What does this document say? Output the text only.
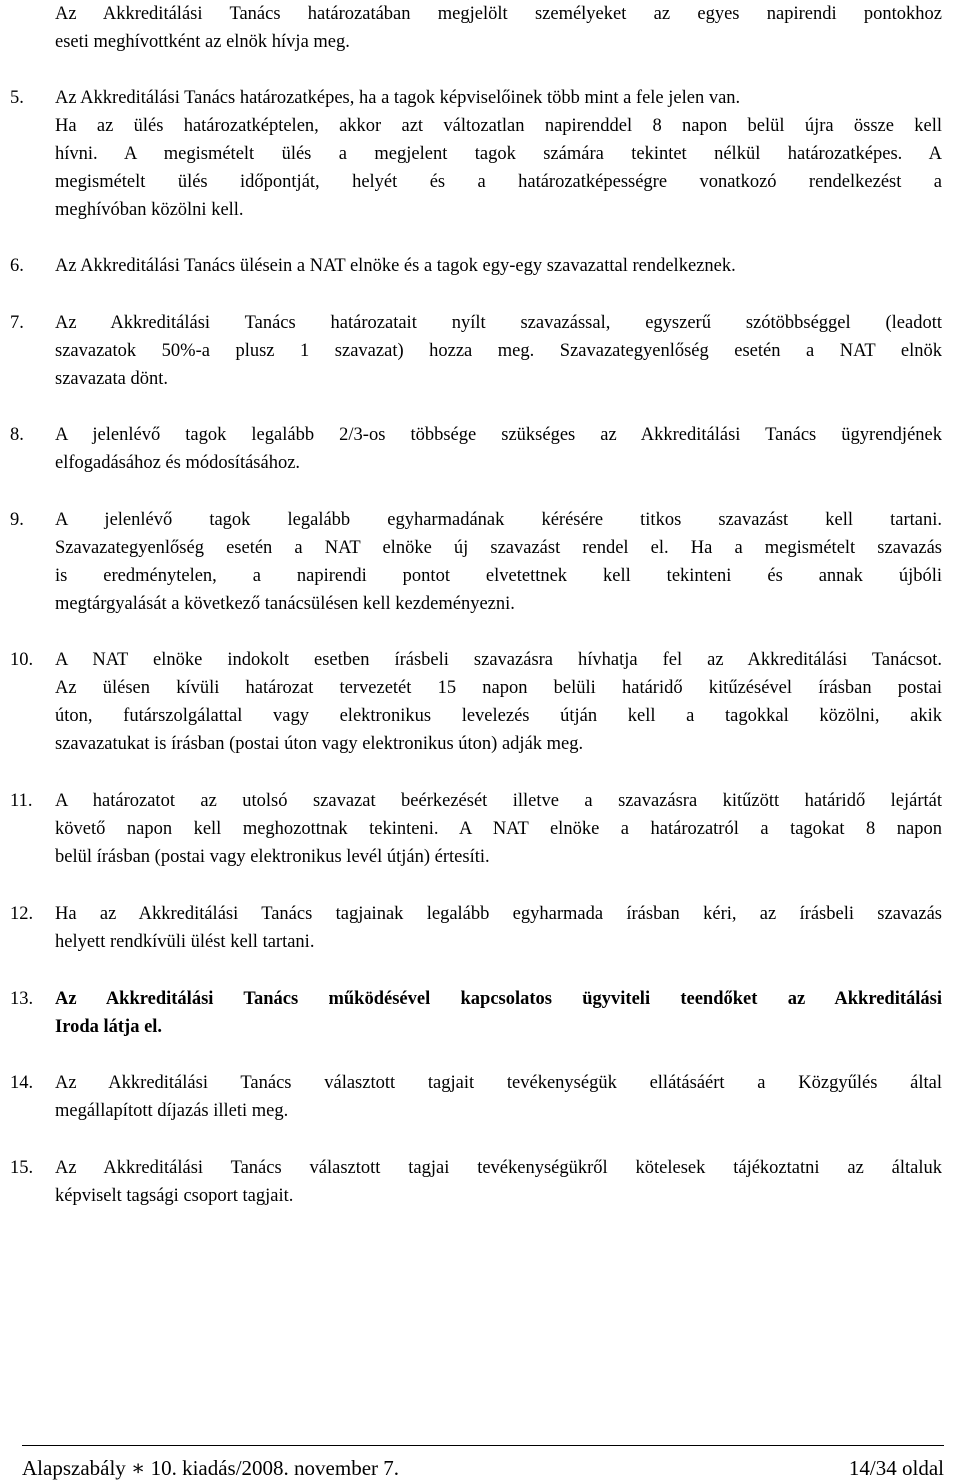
Az Akkreditálási Tanács határozatában megjelölt személyeket az egyes napirendi pontokhoz
eseti meghívottként az elnök hívja meg.
5. Az Akkreditálási Tanács határozatképes, ha a tagok képviselőinek több mint a fele jelen van.
Ha az ülés határozatképtelen, akkor azt változatlan napirenddel 8 napon belül újra össze kell
hívni. A megismételt ülés a megjelent tagok számára tekintet nélkül határozatképes. A
megismételt ülés időpontját, helyét és a határozatképességre vonatkozó rendelkezést a
meghívóban közölni kell.
6. Az Akkreditálási Tanács ülésein a NAT elnöke és a tagok egy-egy szavazattal rendelkeznek.
7. Az Akkreditálási Tanács határozatait nyílt szavazással, egyszerű szótöbbséggel (leadott
szavazatok 50%-a plusz 1 szavazat) hozza meg. Szavazategyenlőség esetén a NAT elnök
szavazata dönt.
8. A jelenlévő tagok legalább 2/3-os többsége szükséges az Akkreditálási Tanács ügyrendjének
elfogadásához és módosításához.
9. A jelenlévő tagok legalább egyharmadának kérésére titkos szavazást kell tartani.
Szavazategyenlőség esetén a NAT elnöke új szavazást rendel el. Ha a megismételt szavazás
is eredménytelen, a napirendi pontot elvetettnek kell tekinteni és annak újbóli
megtárgyalását a következő tanácsülésen kell kezdeményezni.
10. A NAT elnöke indokolt esetben írásbeli szavazásra hívhatja fel az Akkreditálási Tanácsot.
Az ülésen kívüli határozat tervezetét 15 napon belüli határidő kitűzésével írásban postai
úton, futárszolgálattal vagy elektronikus levelezés útján kell a tagokkal közölni, akik
szavazatukat is írásban (postai úton vagy elektronikus úton) adják meg.
11. A határozatot az utolsó szavazat beérkezését illetve a szavazásra kitűzött határidő lejártát
követő napon kell meghozottnak tekinteni. A NAT elnöke a határozatról a tagokat 8 napon
belül írásban (postai vagy elektronikus levél útján) értesíti.
12. Ha az Akkreditálási Tanács tagjainak legalább egyharmada írásban kéri, az írásbeli szavazás
helyett rendkívüli ülést kell tartani.
13. Az Akkreditálási Tanács működésével kapcsolatos ügyviteli teendőket az Akkreditálási
Iroda látja el.
14. Az Akkreditálási Tanács választott tagjait tevékenységük ellátásáért a Közgyűlés által
megállapított díjazás illeti meg.
15. Az Akkreditálási Tanács választott tagjai tevékenységükről kötelesek tájékoztatni az általuk
képviselt tagsági csoport tagjait.
Alapszabály ∗ 10. kiadás/2008. november 7.	14/34 oldal
